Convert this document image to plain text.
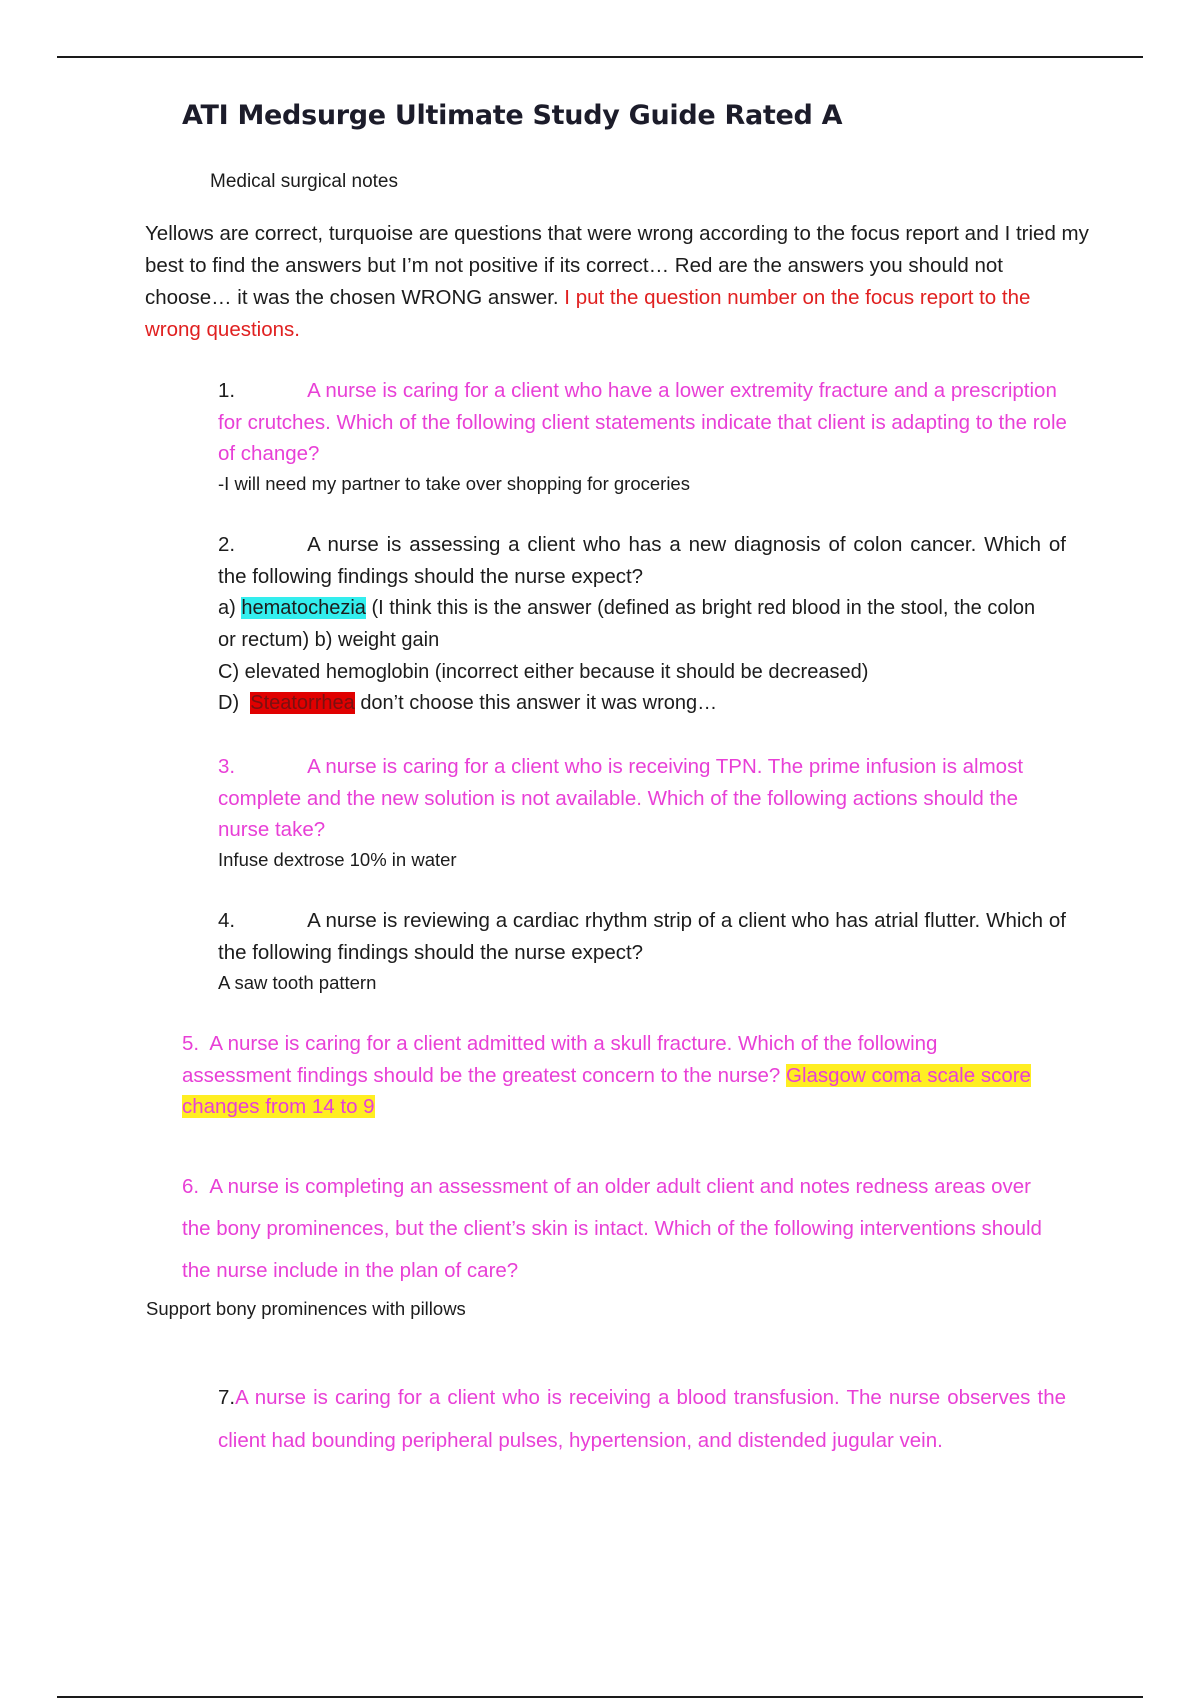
ATI Medsurge Ultimate Study Guide Rated A
Medical surgical notes
Yellows are correct, turquoise are questions that were wrong according to the focus report and I tried my best to find the answers but I’m not positive if its correct… Red are the answers you should not choose… it was the chosen WRONG answer. I put the question number on the focus report to the wrong questions.
1.	A nurse is caring for a client who have a lower extremity fracture and a prescription for crutches. Which of the following client statements indicate that client is adapting to the role of change?
-I will need my partner to take over shopping for groceries
2.	A nurse is assessing a client who has a new diagnosis of colon cancer. Which of the following findings should the nurse expect?
a) hematochezia (I think this is the answer (defined as bright red blood in the stool, the colon or rectum) b) weight gain
C) elevated hemoglobin (incorrect either because it should be decreased)
D) Steatorrhea don’t choose this answer it was wrong…
3.	A nurse is caring for a client who is receiving TPN. The prime infusion is almost complete and the new solution is not available. Which of the following actions should the nurse take?
Infuse dextrose 10% in water
4.	A nurse is reviewing a cardiac rhythm strip of a client who has atrial flutter. Which of the following findings should the nurse expect?
A saw tooth pattern
5. A nurse is caring for a client admitted with a skull fracture. Which of the following assessment findings should be the greatest concern to the nurse? Glasgow coma scale score changes from 14 to 9
6. A nurse is completing an assessment of an older adult client and notes redness areas over the bony prominences, but the client’s skin is intact. Which of the following interventions should the nurse include in the plan of care?
Support bony prominences with pillows
7.A nurse is caring for a client who is receiving a blood transfusion. The nurse observes the client had bounding peripheral pulses, hypertension, and distended jugular vein.
